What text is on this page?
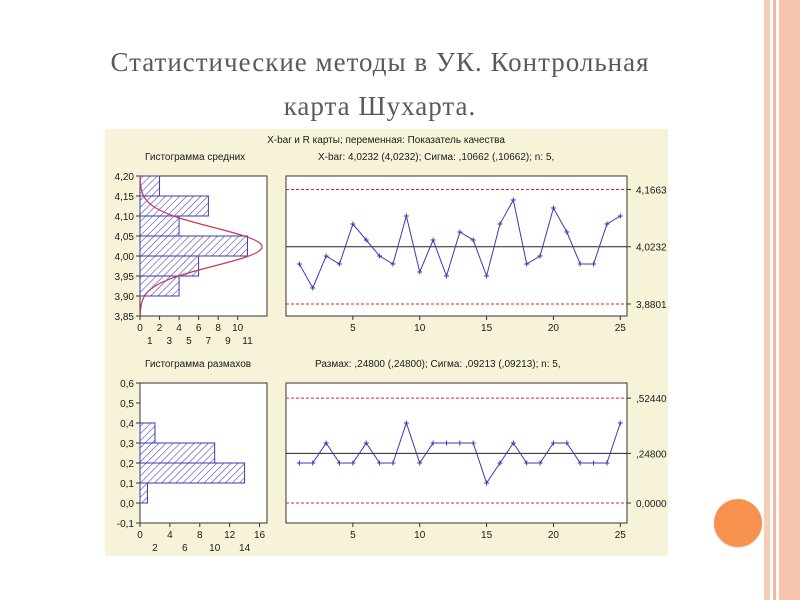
Статистические методы в УК. Контрольная
карта Шухарта.
X-bar и R карты; переменная: Показатель качества
Гистограмма средних	X-bar: 4,0232 (4,0232); Сигма: ,10662 (,10662); n: 5,
Гистограмма размахов	Размах: ,24800 (,24800); Сигма: ,09213 (,09213); n: 5,
4,20
4,15
4,10
4,05
4,00
3,95
3,90
3,85
0 2 4 6 8 10
1 3 5 7 9 11
4,1663
4,0232
3,8801
5	10	15	20	25
0,6
0,5
0,4
0,3
0,2
0,1
0,0
-0,1
0 4 8 12 16
2 6 10 14
,52440
,24800
0,0000
5	10	15	20	25
